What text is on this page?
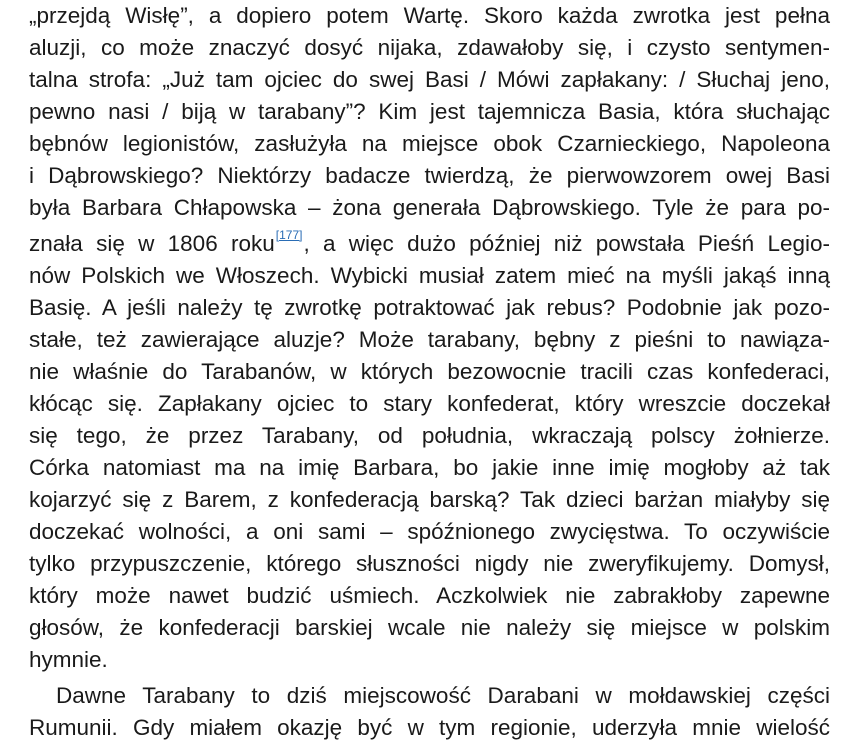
„przejdą Wisłę”, a dopiero potem Wartę. Skoro każda zwrotka jest pełna
aluzji, co może znaczyć dosyć nijaka, zdawałoby się, i czysto sentymen-
talna strofa: „Już tam ojciec do swej Basi / Mówi zapłakany: / Słuchaj jeno,
pewno nasi / biją w tarabany”? Kim jest tajemnicza Basia, która słuchając
bębnów legionistów, zasłużyła na miejsce obok Czarnieckiego, Napoleona
i Dąbrowskiego? Niektórzy badacze twierdzą, że pierwowzorem owej Basi
była Barbara Chłapowska – żona generała Dąbrowskiego. Tyle że para po-
znała się w 1806 roku[177], a więc dużo później niż powstała Pieśń Legio-
nów Polskich we Włoszech. Wybicki musiał zatem mieć na myśli jakąś inną
Basię. A jeśli należy tę zwrotkę potraktować jak rebus? Podobnie jak pozo-
stałe, też zawierające aluzje? Może tarabany, bębny z pieśni to nawiąza-
nie właśnie do Tarabanów, w których bezowocnie tracili czas konfederaci,
kłócąc się. Zapłakany ojciec to stary konfederat, który wreszcie doczekał
się tego, że przez Tarabany, od południa, wkraczają polscy żołnierze.
Córka natomiast ma na imię Barbara, bo jakie inne imię mogłoby aż tak
kojarzyć się z Barem, z konfederacją barską? Tak dzieci barżan miałyby się
doczekać wolności, a oni sami – spóźnionego zwycięstwa. To oczywiście
tylko przypuszczenie, którego słuszności nigdy nie zweryfikujemy. Domysł,
który może nawet budzić uśmiech. Aczkolwiek nie zabrakłoby zapewne
głosów, że konfederacji barskiej wcale nie należy się miejsce w polskim
hymnie.
Dawne Tarabany to dziś miejscowość Darabani w mołdawskiej części
Rumunii. Gdy miałem okazję być w tym regionie, uderzyła mnie wielość
